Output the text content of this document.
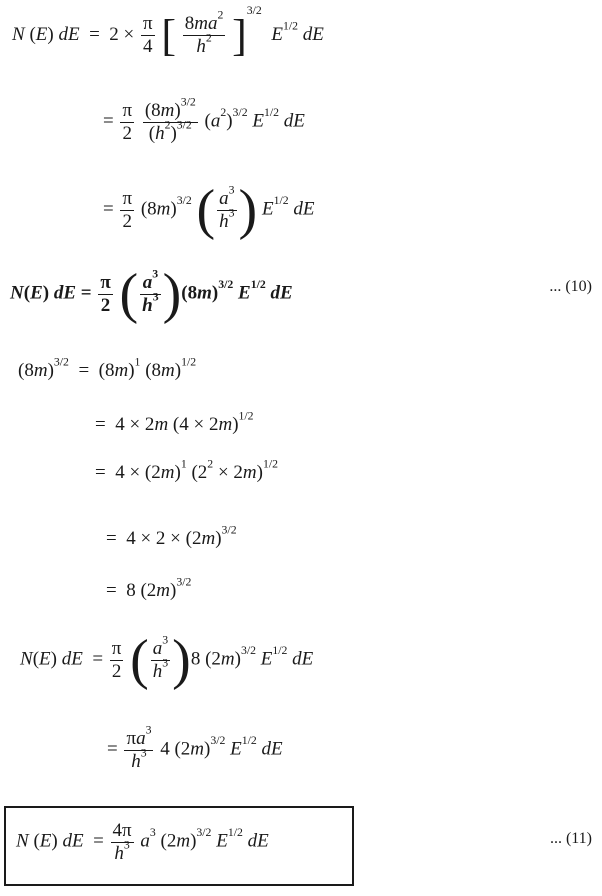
N (E) dE  =  $2 \times \frac{\pi}{4}$ [ $\frac{8ma^2}{h^2} ]^{3/2}$  $E^{1/2}$ dE
= $\frac{\pi}{2}$
$\frac{(8m)^{3/2}}{(h^2)^{3/2}} (a^2)^{3/2}$ $E^{1/2}$ dE
= $\frac{\pi}{2} (8m)^{3/2}$ ( $\frac{a^3}{h^3}$ ) $E^{1/2}$ dE
N(E) dE = $\frac{\pi}{2}$ ( $\frac{a^3}{h^3} )(8m)^{3/2}$ $E^{1/2}$ dE	... (10)
$(8m)^{3/2} = (8m)^1$ $(8m)^{1/2}$
=  4 × 2m $(4 \times 2m)^{1/2}$
=  $4 \times (2m)^1$ $(2^2 \times 2m)^{1/2}$
=  $4 \times 2 \times (2m)^{3/2}$
=  8 $(2m)^{3/2}$
N(E) dE  = $\frac{\pi}{2}$ ( $\frac{a^3}{h^3} )8$ $(2m)^{3/2}$ $E^{1/2}$ dE
= $\frac{\pi a^3}{h^3} 4$ $(2m)^{3/2}$ $E^{1/2}$ dE
N (E) dE  = $\frac{4\pi}{h^3} a^3$ $(2m)^{3/2}$ $E^{1/2}$ dE	... (11)
